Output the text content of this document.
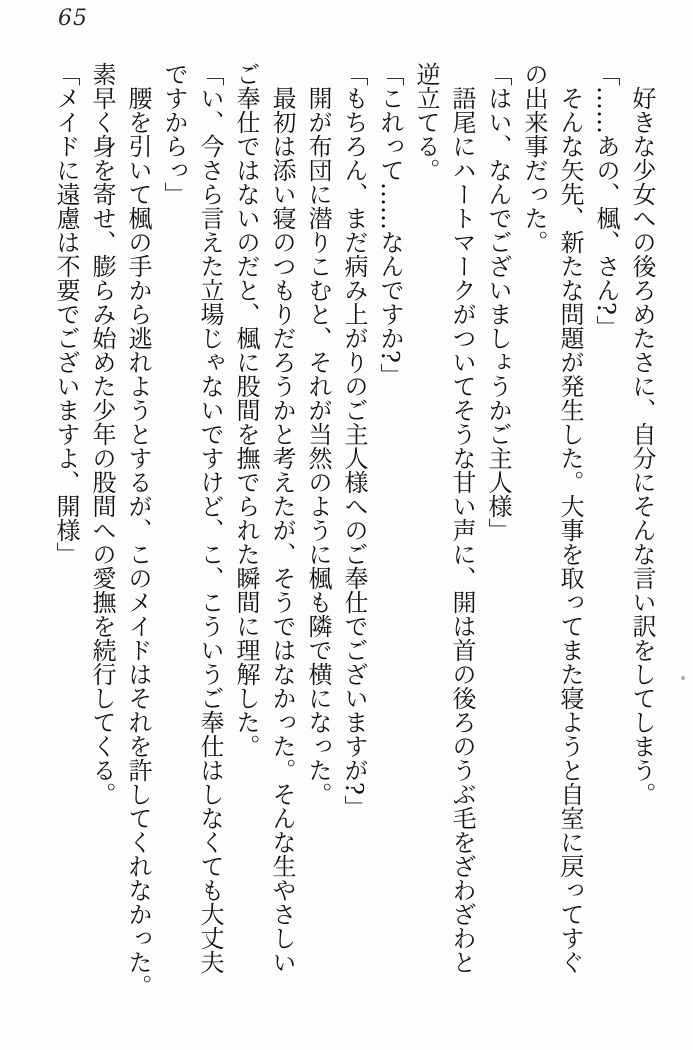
65

　好きな少女への後ろめたさに、自分にそんな言い訳をしてしまう。

「……あの、楓、さん?」

　そんな矢先、新たな問題が発生した。大事を取ってまた寝ようと自室に戻ってすぐの出来事だった。

「はい、なんでございましょうかご主人様」

　語尾にハートマークがついてそうな甘い声に、開は首の後ろのうぶ毛をざわざわと逆立てる。

「これって……なんですか?」

「もちろん、まだ病み上がりのご主人様へのご奉仕でございますが?」

　開が布団に潜りこむと、それが当然のように楓も隣で横になった。

　最初は添い寝のつもりだろうかと考えたが、そうではなかった。そんな生やさしいご奉仕ではないのだと、楓に股間を撫でられた瞬間に理解した。

「い、今さら言えた立場じゃないですけど、こ、こういうご奉仕はしなくても大丈夫ですからっ」

　腰を引いて楓の手から逃れようとするが、このメイドはそれを許してくれなかった。

素早く身を寄せ、膨らみ始めた少年の股間への愛撫を続行してくる。

「メイドに遠慮は不要でございますよ、開様」
